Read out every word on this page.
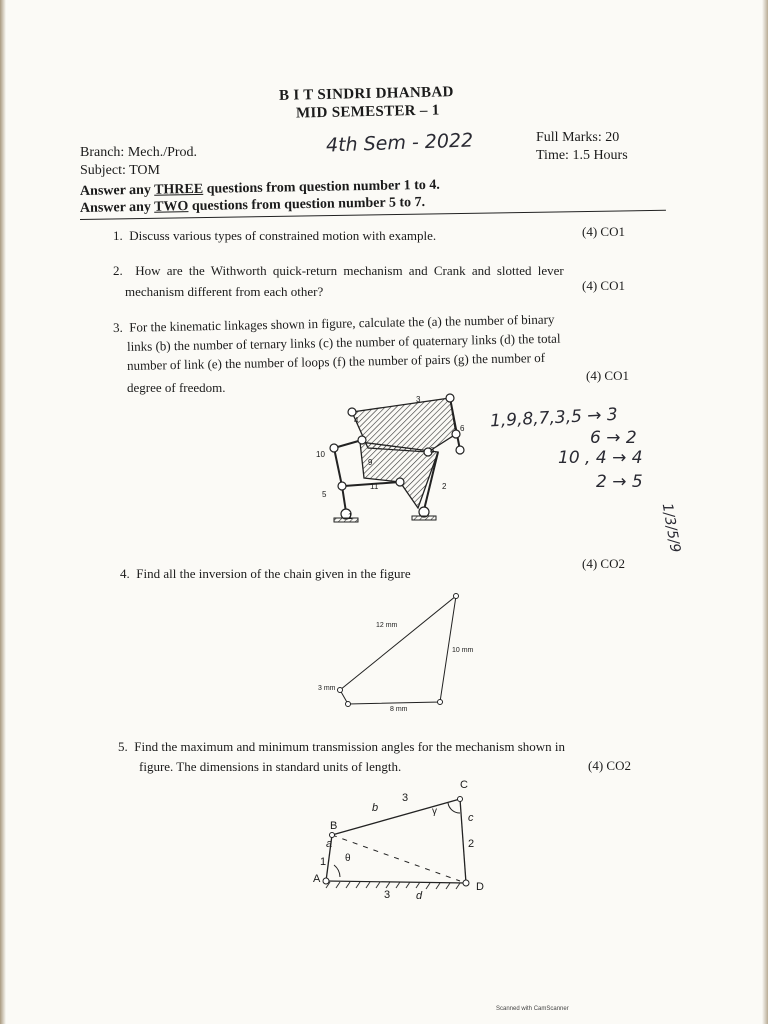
B I T SINDRI DHANBAD
MID SEMESTER – 1
Branch: Mech./Prod.
Subject: TOM
4th Sem - 2022	Full Marks: 20
Time: 1.5 Hours
Answer any THREE questions from question number 1 to 4.
Answer any TWO questions from question number 5 to 7.
1. Discuss various types of constrained motion with example.	(4) CO1
2. How are the Withworth quick-return mechanism and Crank and slotted lever
mechanism different from each other?	(4) CO1
3. For the kinematic linkages shown in figure, calculate the (a) the number of binary
links (b) the number of ternary links (c) the number of quaternary links (d) the total
number of link (e) the number of loops (f) the number of pairs (g) the number of
degree of freedom.
(4) CO1
3
4
6
10
9
8
5
11	2
1
1,9,8,7,3,5 → 3
6 → 2
10 , 4 → 4
2 → 5
1/3/5/9
4. Find all the inversion of the chain given in the figure
(4) CO2
12 mm
10 mm
3 mm
8 mm
5. Find the maximum and minimum transmission angles for the mechanism shown in
figure. The dimensions in standard units of length.	(4) CO2
A
B
C
D
a
b
c
d
1
3
2
3
θ
γ
Scanned with CamScanner
